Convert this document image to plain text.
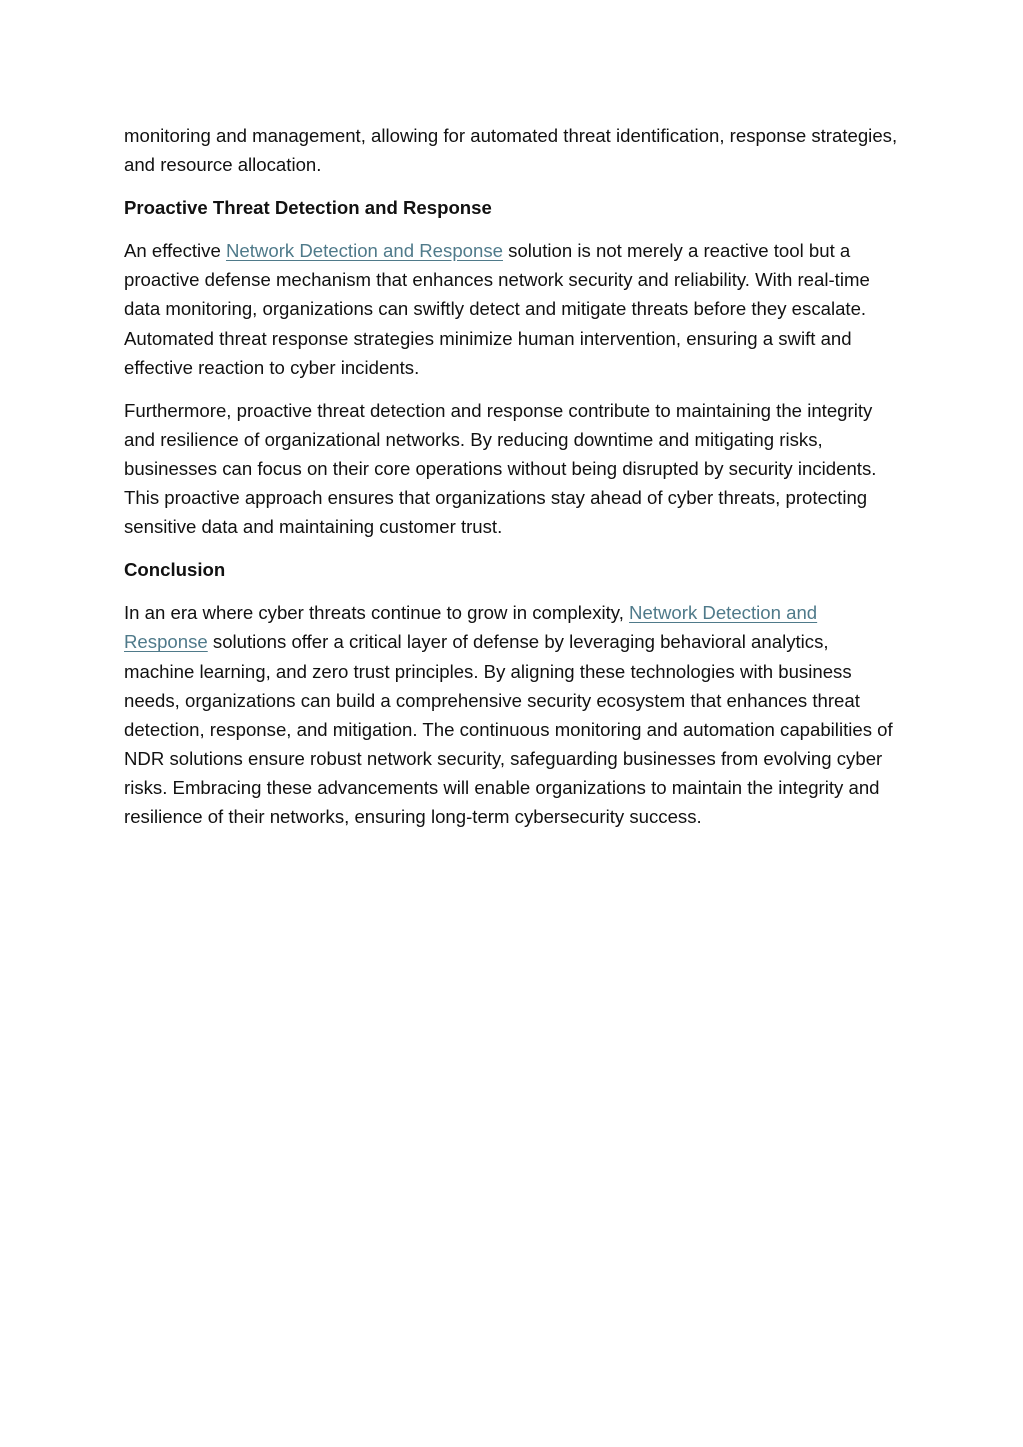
monitoring and management, allowing for automated threat identification, response strategies, and resource allocation.

Proactive Threat Detection and Response

An effective Network Detection and Response solution is not merely a reactive tool but a proactive defense mechanism that enhances network security and reliability. With real-time data monitoring, organizations can swiftly detect and mitigate threats before they escalate. Automated threat response strategies minimize human intervention, ensuring a swift and effective reaction to cyber incidents.

Furthermore, proactive threat detection and response contribute to maintaining the integrity and resilience of organizational networks. By reducing downtime and mitigating risks, businesses can focus on their core operations without being disrupted by security incidents. This proactive approach ensures that organizations stay ahead of cyber threats, protecting sensitive data and maintaining customer trust.

Conclusion

In an era where cyber threats continue to grow in complexity, Network Detection and Response solutions offer a critical layer of defense by leveraging behavioral analytics, machine learning, and zero trust principles. By aligning these technologies with business needs, organizations can build a comprehensive security ecosystem that enhances threat detection, response, and mitigation. The continuous monitoring and automation capabilities of NDR solutions ensure robust network security, safeguarding businesses from evolving cyber risks. Embracing these advancements will enable organizations to maintain the integrity and resilience of their networks, ensuring long-term cybersecurity success.
